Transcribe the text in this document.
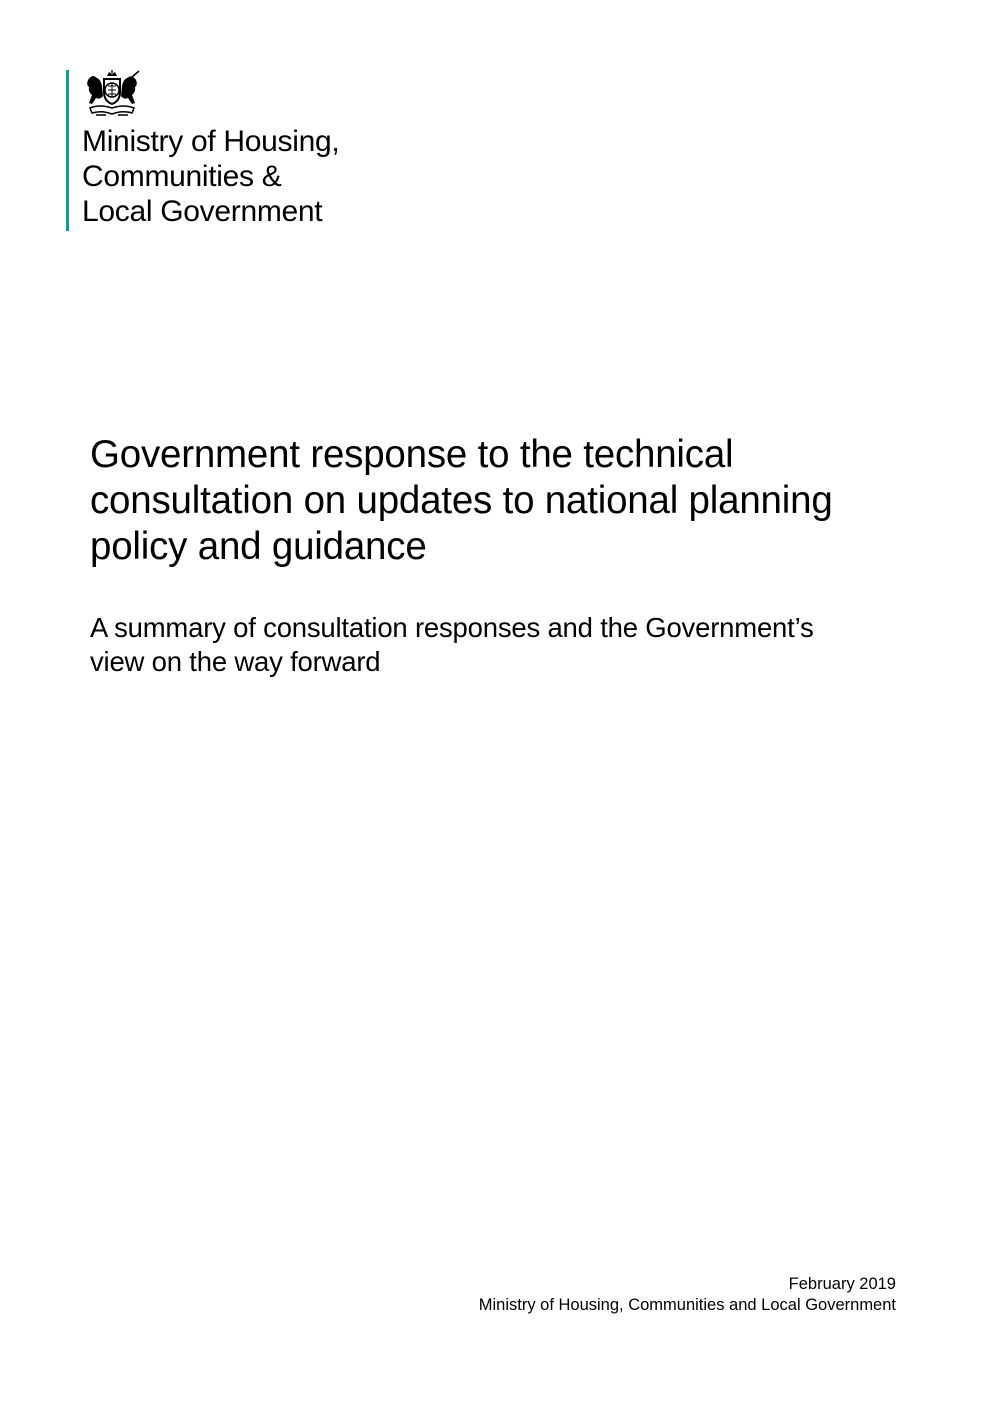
Ministry of Housing,
Communities &
Local Government
Government response to the technical
consultation on updates to national planning
policy and guidance
A summary of consultation responses and the Government’s
view on the way forward
February 2019
Ministry of Housing, Communities and Local Government
